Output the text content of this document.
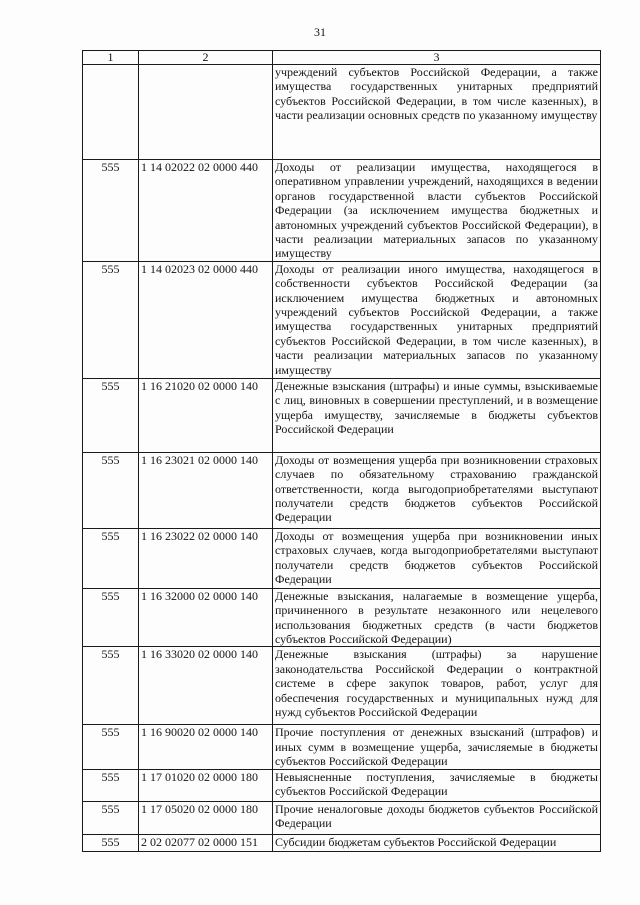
31
1	2	3
		учреждений субъектов Российской Федерации, а также имущества государственных унитарных предприятий субъектов Российской Федерации, в том числе казенных), в части реализации основных средств по указанному имуществу
555	1 14 02022 02 0000 440	Доходы от реализации имущества, находящегося в оперативном управлении учреждений, находящихся в ведении органов государственной власти субъектов Российской Федерации (за исключением имущества бюджетных и автономных учреждений субъектов Российской Федерации), в части реализации материальных запасов по указанному имуществу
555	1 14 02023 02 0000 440	Доходы от реализации иного имущества, находящегося в собственности субъектов Российской Федерации (за исключением имущества бюджетных и автономных учреждений субъектов Российской Федерации, а также имущества государственных унитарных предприятий субъектов Российской Федерации, в том числе казенных), в части реализации материальных запасов по указанному имуществу
555	1 16 21020 02 0000 140	Денежные взыскания (штрафы) и иные суммы, взыскиваемые с лиц, виновных в совершении преступлений, и в возмещение ущерба имуществу, зачисляемые в бюджеты субъектов Российской Федерации
555	1 16 23021 02 0000 140	Доходы от возмещения ущерба при возникновении страховых случаев по обязательному страхованию гражданской ответственности, когда выгодоприобретателями выступают получатели средств бюджетов субъектов Российской Федерации
555	1 16 23022 02 0000 140	Доходы от возмещения ущерба при возникновении иных страховых случаев, когда выгодоприобретателями выступают получатели средств бюджетов субъектов Российской Федерации
555	1 16 32000 02 0000 140	Денежные взыскания, налагаемые в возмещение ущерба, причиненного в результате незаконного или нецелевого использования бюджетных средств (в части бюджетов субъектов Российской Федерации)
555	1 16 33020 02 0000 140	Денежные взыскания (штрафы) за нарушение законодательства Российской Федерации о контрактной системе в сфере закупок товаров, работ, услуг для обеспечения государственных и муниципальных нужд для нужд субъектов Российской Федерации
555	1 16 90020 02 0000 140	Прочие поступления от денежных взысканий (штрафов) и иных сумм в возмещение ущерба, зачисляемые в бюджеты субъектов Российской Федерации
555	1 17 01020 02 0000 180	Невыясненные поступления, зачисляемые в бюджеты субъектов Российской Федерации
555	1 17 05020 02 0000 180	Прочие неналоговые доходы бюджетов субъектов Российской Федерации
555	2 02 02077 02 0000 151	Субсидии бюджетам субъектов Российской Федерации
